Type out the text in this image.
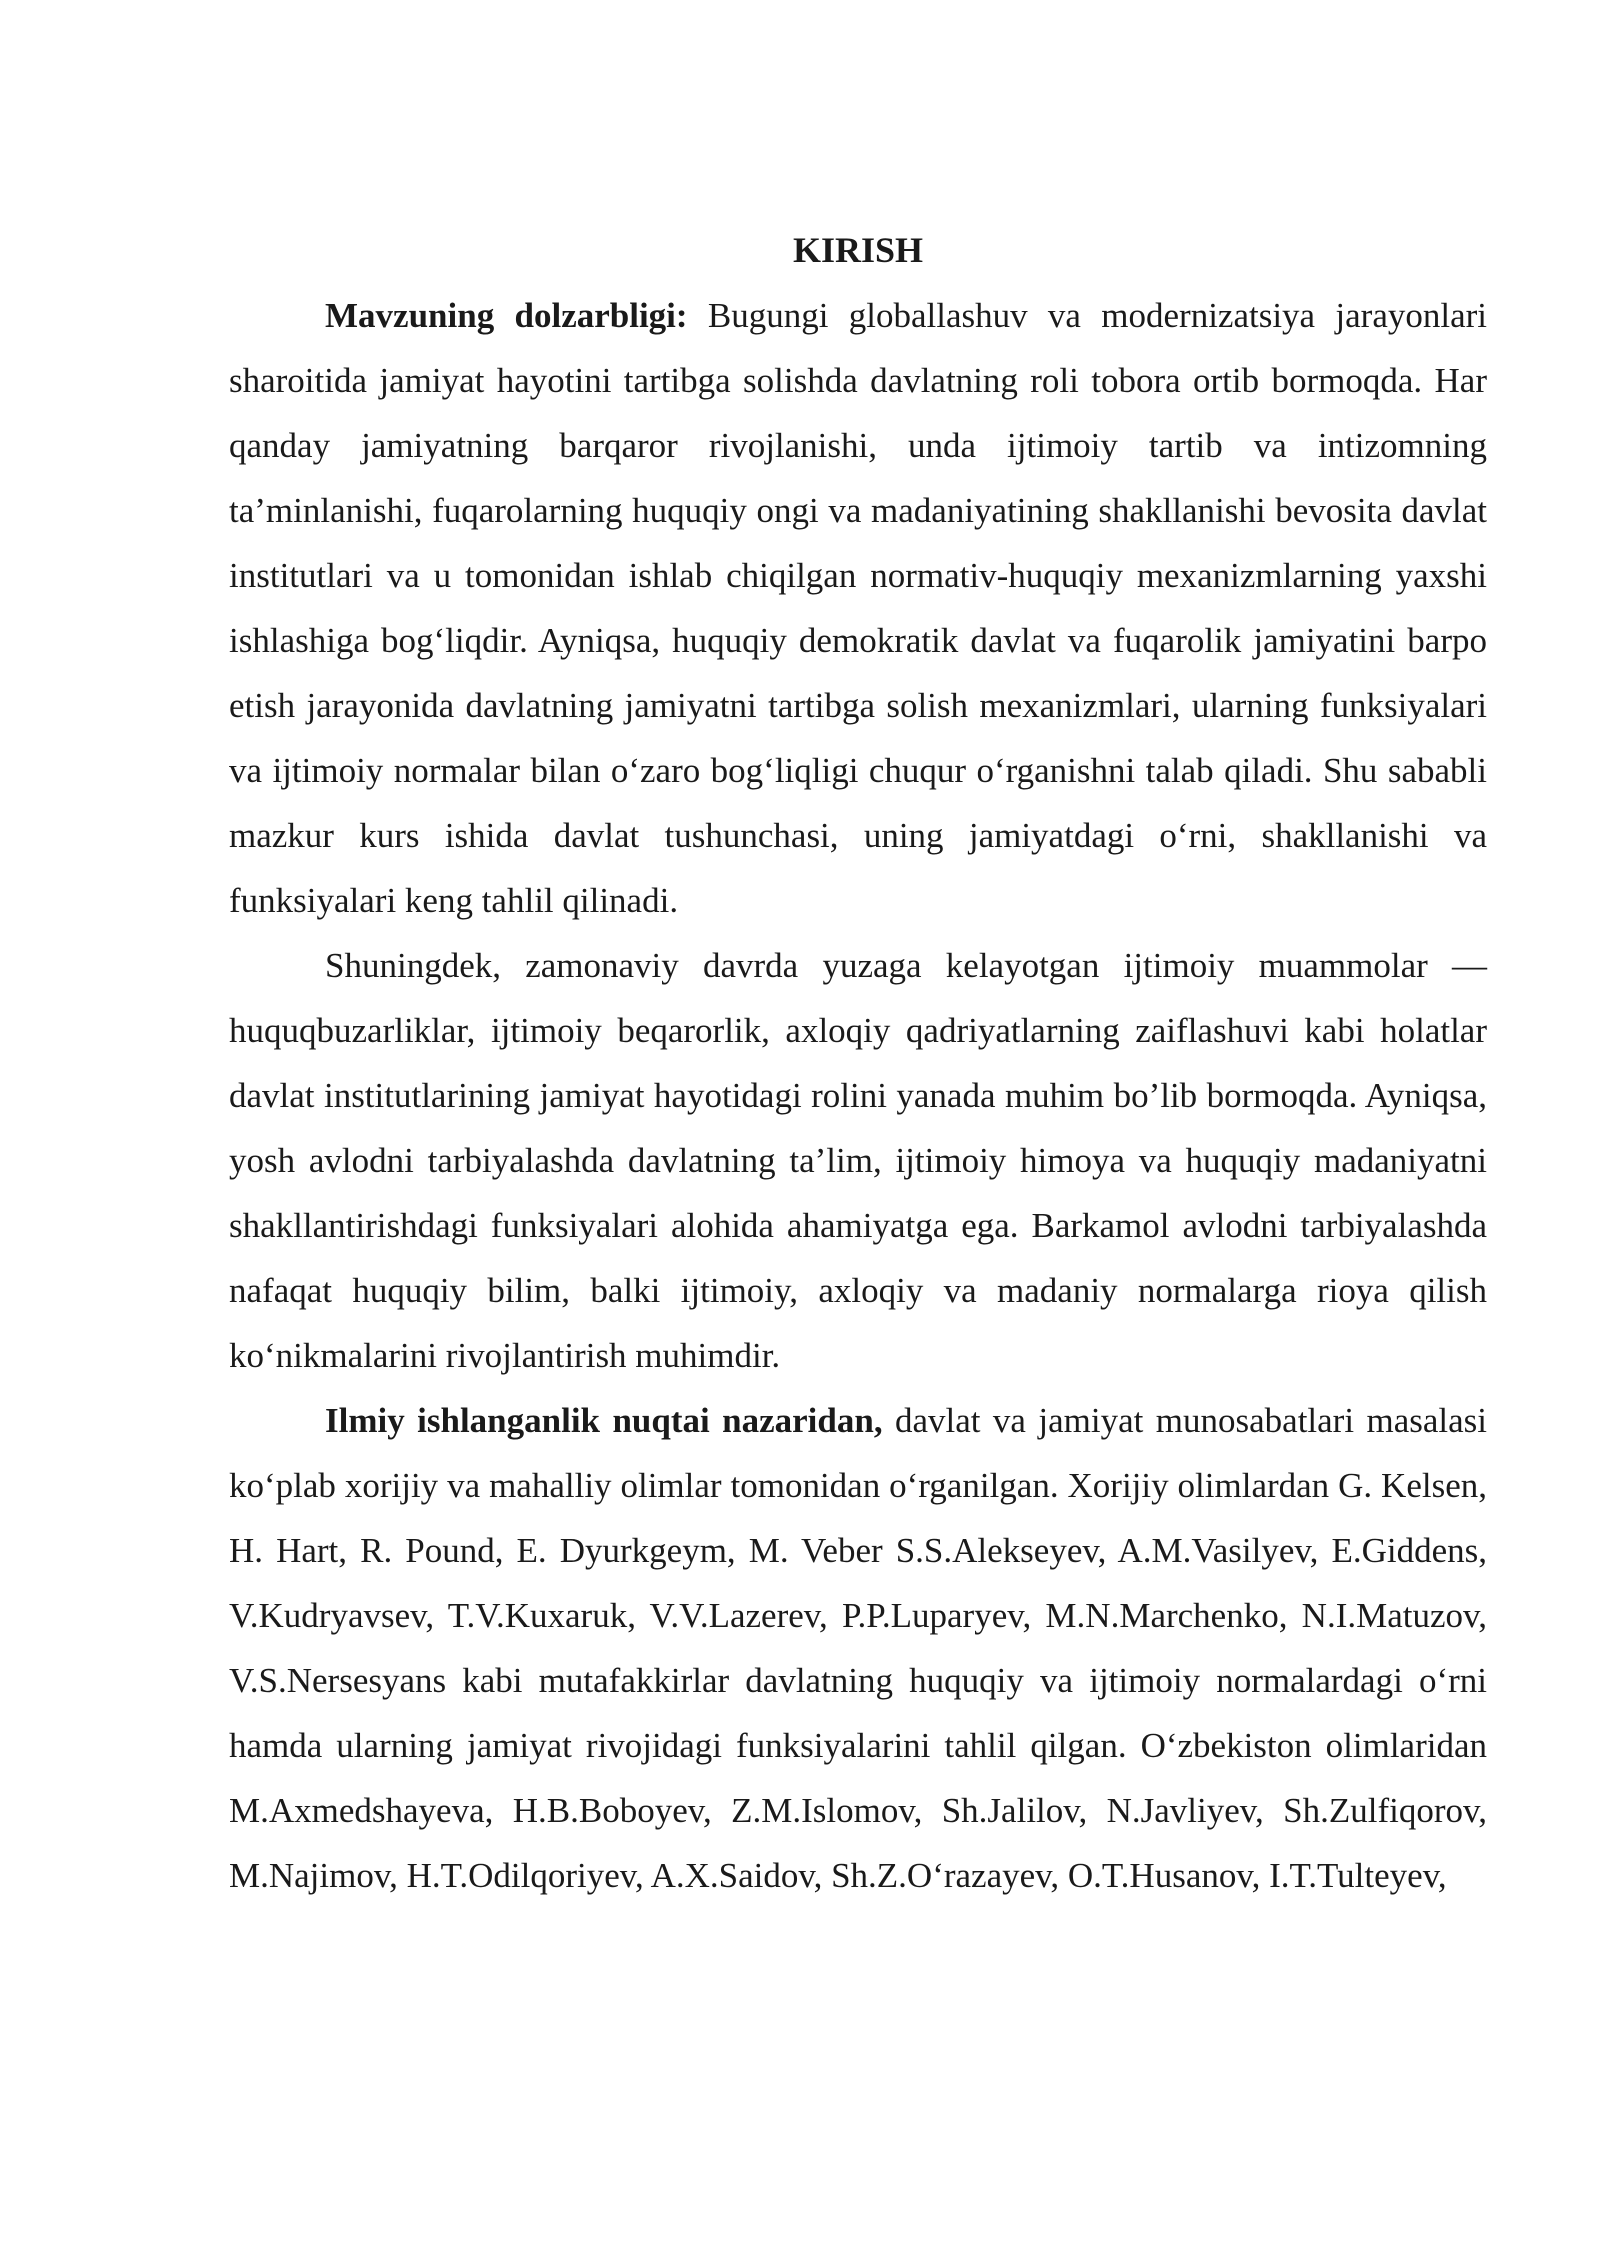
KIRISH

Mavzuning dolzarbligi: Bugungi globallashuv va modernizatsiya jarayonlari sharoitida jamiyat hayotini tartibga solishda davlatning roli tobora ortib bormoqda. Har qanday jamiyatning barqaror rivojlanishi, unda ijtimoiy tartib va intizomning ta’minlanishi, fuqarolarning huquqiy ongi va madaniyatining shakllanishi bevosita davlat institutlari va u tomonidan ishlab chiqilgan normativ-huquqiy mexanizmlarning yaxshi ishlashiga bog‘liqdir. Ayniqsa, huquqiy demokratik davlat va fuqarolik jamiyatini barpo etish jarayonida davlatning jamiyatni tartibga solish mexanizmlari, ularning funksiyalari va ijtimoiy normalar bilan o‘zaro bog‘liqligi chuqur o‘rganishni talab qiladi. Shu sababli mazkur kurs ishida davlat tushunchasi, uning jamiyatdagi o‘rni, shakllanishi va funksiyalari keng tahlil qilinadi.

Shuningdek, zamonaviy davrda yuzaga kelayotgan ijtimoiy muammolar — huquqbuzarliklar, ijtimoiy beqarorlik, axloqiy qadriyatlarning zaiflashuvi kabi holatlar davlat institutlarining jamiyat hayotidagi rolini yanada muhim bo’lib bormoqda. Ayniqsa, yosh avlodni tarbiyalashda davlatning ta’lim, ijtimoiy himoya va huquqiy madaniyatni shakllantirishdagi funksiyalari alohida ahamiyatga ega. Barkamol avlodni tarbiyalashda nafaqat huquqiy bilim, balki ijtimoiy, axloqiy va madaniy normalarga rioya qilish ko‘nikmalarini rivojlantirish muhimdir.

Ilmiy ishlanganlik nuqtai nazaridan, davlat va jamiyat munosabatlari masalasi ko‘plab xorijiy va mahalliy olimlar tomonidan o‘rganilgan. Xorijiy olimlardan G. Kelsen, H. Hart, R. Pound, E. Dyurkgeym, M. Veber S.S.Alekseyev, A.M.Vasilyev, E.Giddens, V.Kudryavsev, T.V.Kuxaruk, V.V.Lazerev, P.P.Luparyev, M.N.Marchenko, N.I.Matuzov, V.S.Nersesyans kabi mutafakkirlar davlatning huquqiy va ijtimoiy normalardagi o‘rni hamda ularning jamiyat rivojidagi funksiyalarini tahlil qilgan. O‘zbekiston olimlaridan M.Axmedshayeva, H.B.Boboyev, Z.M.Islomov, Sh.Jalilov, N.Javliyev, Sh.Zulfiqorov, M.Najimov, H.T.Odilqoriyev, A.X.Saidov, Sh.Z.O‘razayev, O.T.Husanov, I.T.Tulteyev,
